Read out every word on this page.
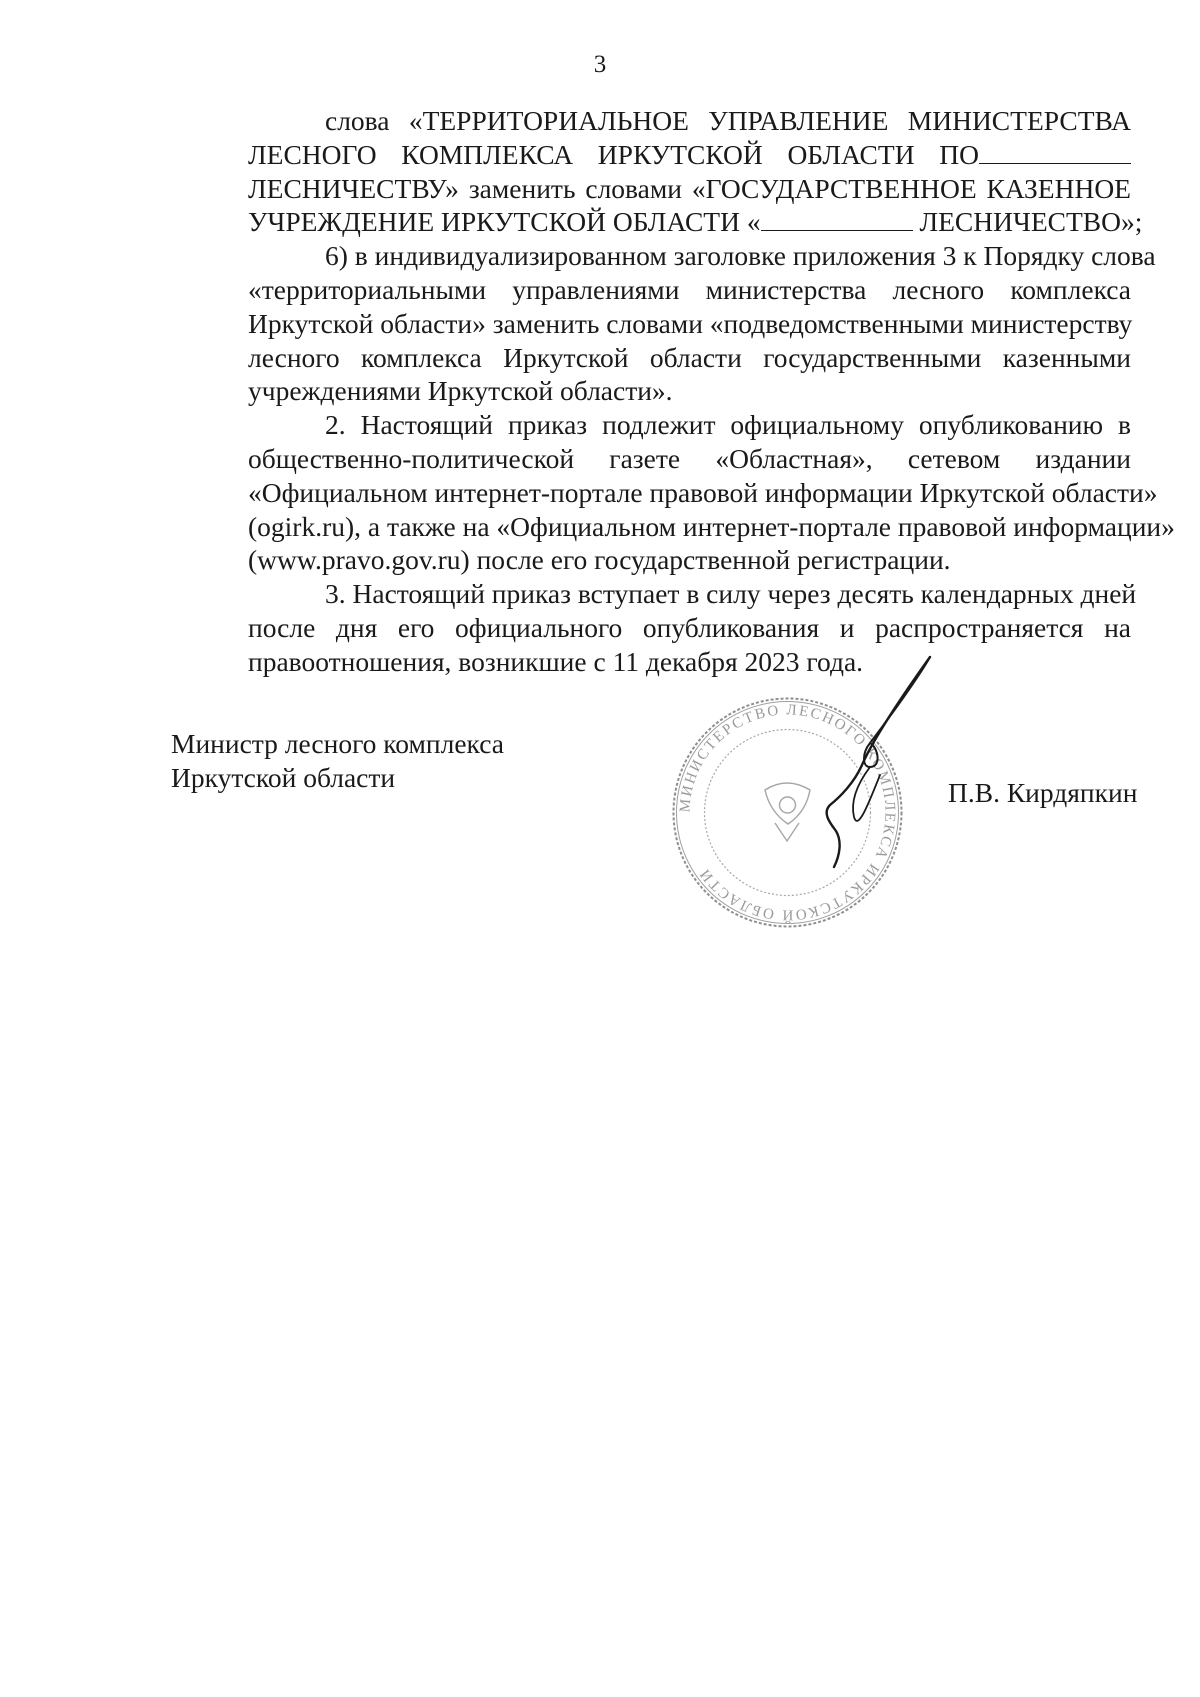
3
слова «ТЕРРИТОРИАЛЬНОЕ УПРАВЛЕНИЕ МИНИСТЕРСТВА
ЛЕСНОГО КОМПЛЕКСА ИРКУТСКОЙ ОБЛАСТИ ПО
ЛЕСНИЧЕСТВУ» заменить словами «ГОСУДАРСТВЕННОЕ КАЗЕННОЕ
УЧРЕЖДЕНИЕ ИРКУТСКОЙ ОБЛАСТИ «	ЛЕСНИЧЕСТВО»;
6) в индивидуализированном заголовке приложения 3 к Порядку слова
«территориальными управлениями министерства лесного комплекса
Иркутской области» заменить словами «подведомственными министерству
лесного комплекса Иркутской области государственными казенными
учреждениями Иркутской области».
2. Настоящий приказ подлежит официальному опубликованию в
общественно-политической газете «Областная», сетевом издании
«Официальном интернет-портале правовой информации Иркутской области»
(ogirk.ru), а также на «Официальном интернет-портале правовой информации»
(www.pravo.gov.ru) после его государственной регистрации.
3. Настоящий приказ вступает в силу через десять календарных дней
после дня его официального опубликования и распространяется на
правоотношения, возникшие с 11 декабря 2023 года.
Министр лесного комплекса
Иркутской области
МИНИСТЕРСТВО ЛЕСНОГО КОМПЛЕКСА ИРКУТСКОЙ ОБЛАСТИ
П.В. Кирдяпкин
